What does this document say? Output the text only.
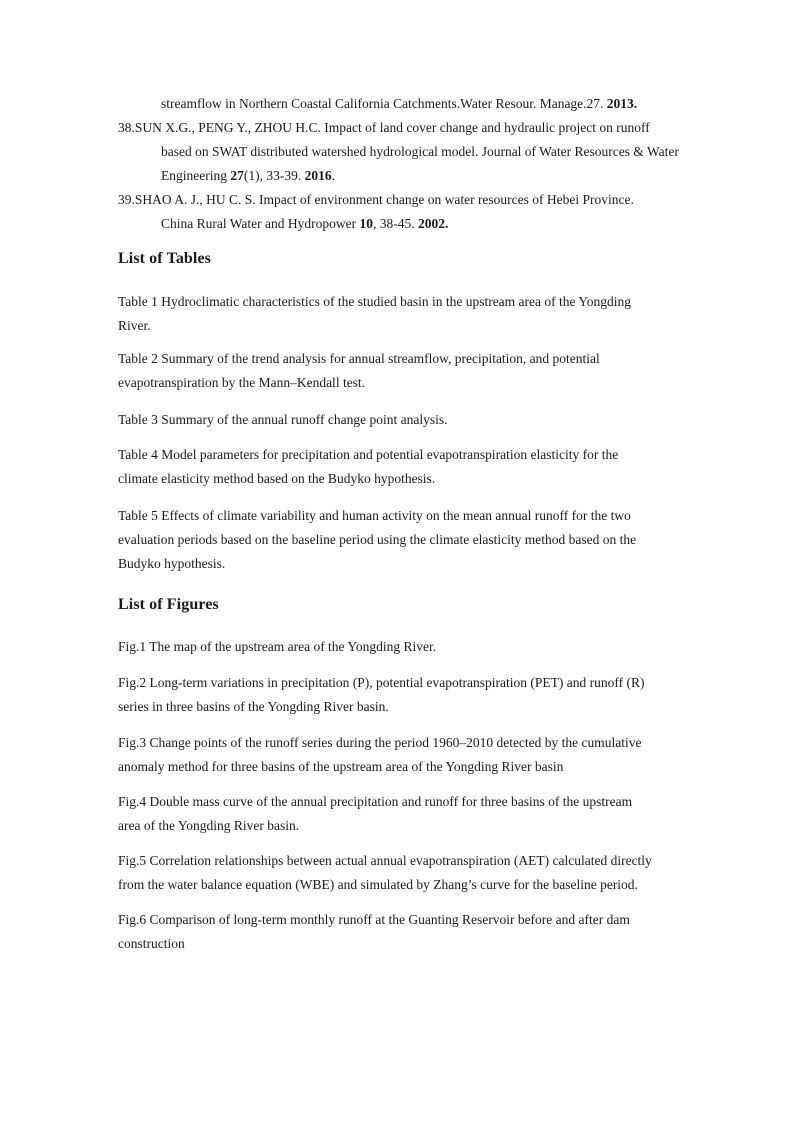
streamflow in Northern Coastal California Catchments.Water Resour. Manage.27. 2013.
38.SUN X.G., PENG Y., ZHOU H.C. Impact of land cover change and hydraulic project on runoff
based on SWAT distributed watershed hydrological model. Journal of Water Resources & Water
Engineering 27(1), 33-39. 2016.
39.SHAO A. J., HU C. S. Impact of environment change on water resources of Hebei Province.
China Rural Water and Hydropower 10, 38-45. 2002.
List of Tables
Table 1 Hydroclimatic characteristics of the studied basin in the upstream area of the Yongding
River.
Table 2 Summary of the trend analysis for annual streamflow, precipitation, and potential
evapotranspiration by the Mann–Kendall test.
Table 3 Summary of the annual runoff change point analysis.
Table 4 Model parameters for precipitation and potential evapotranspiration elasticity for the
climate elasticity method based on the Budyko hypothesis.
Table 5 Effects of climate variability and human activity on the mean annual runoff for the two
evaluation periods based on the baseline period using the climate elasticity method based on the
Budyko hypothesis.
List of Figures
Fig.1 The map of the upstream area of the Yongding River.
Fig.2 Long-term variations in precipitation (P), potential evapotranspiration (PET) and runoff (R)
series in three basins of the Yongding River basin.
Fig.3 Change points of the runoff series during the period 1960–2010 detected by the cumulative
anomaly method for three basins of the upstream area of the Yongding River basin
Fig.4 Double mass curve of the annual precipitation and runoff for three basins of the upstream
area of the Yongding River basin.
Fig.5 Correlation relationships between actual annual evapotranspiration (AET) calculated directly
from the water balance equation (WBE) and simulated by Zhang’s curve for the baseline period.
Fig.6 Comparison of long-term monthly runoff at the Guanting Reservoir before and after dam
construction
